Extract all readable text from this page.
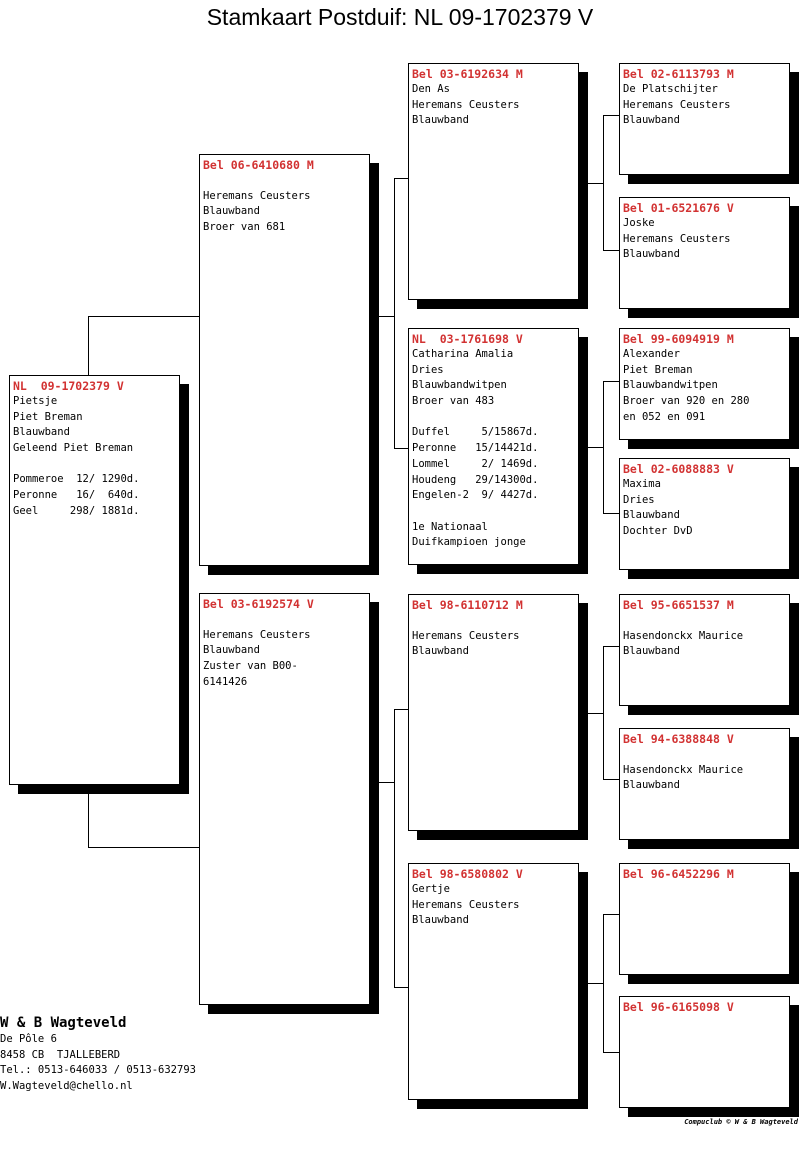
Stamkaart Postduif: NL 09-1702379 V
NL  09-1702379 V
Pietsje
Piet Breman
Blauwband
Geleend Piet Breman
Pommeroe  12/ 1290d.
Peronne   16/  640d.
Geel     298/ 1881d.
Bel 06-6410680 M
Heremans Ceusters
Blauwband
Broer van 681
Bel 03-6192574 V
Heremans Ceusters
Blauwband
Zuster van B00-
6141426
Bel 03-6192634 M
Den As
Heremans Ceusters
Blauwband
NL  03-1761698 V
Catharina Amalia
Dries
Blauwbandwitpen
Broer van 483
Duffel     5/15867d.
Peronne   15/14421d.
Lommel     2/ 1469d.
Houdeng   29/14300d.
Engelen-2  9/ 4427d.
1e Nationaal
Duifkampioen jonge
Bel 98-6110712 M
Heremans Ceusters
Blauwband
Bel 98-6580802 V
Gertje
Heremans Ceusters
Blauwband
Bel 02-6113793 M
De Platschijter
Heremans Ceusters
Blauwband
Bel 01-6521676 V
Joske
Heremans Ceusters
Blauwband
Bel 99-6094919 M
Alexander
Piet Breman
Blauwbandwitpen
Broer van 920 en 280
en 052 en 091
Bel 02-6088883 V
Maxima
Dries
Blauwband
Dochter DvD
Bel 95-6651537 M
Hasendonckx Maurice
Blauwband
Bel 94-6388848 V
Hasendonckx Maurice
Blauwband
Bel 96-6452296 M
Bel 96-6165098 V
W & B Wagteveld
De Pôle 6
8458 CB  TJALLEBERD
Tel.: 0513-646033 / 0513-632793
W.Wagteveld@chello.nl
Compuclub © W & B Wagteveld
